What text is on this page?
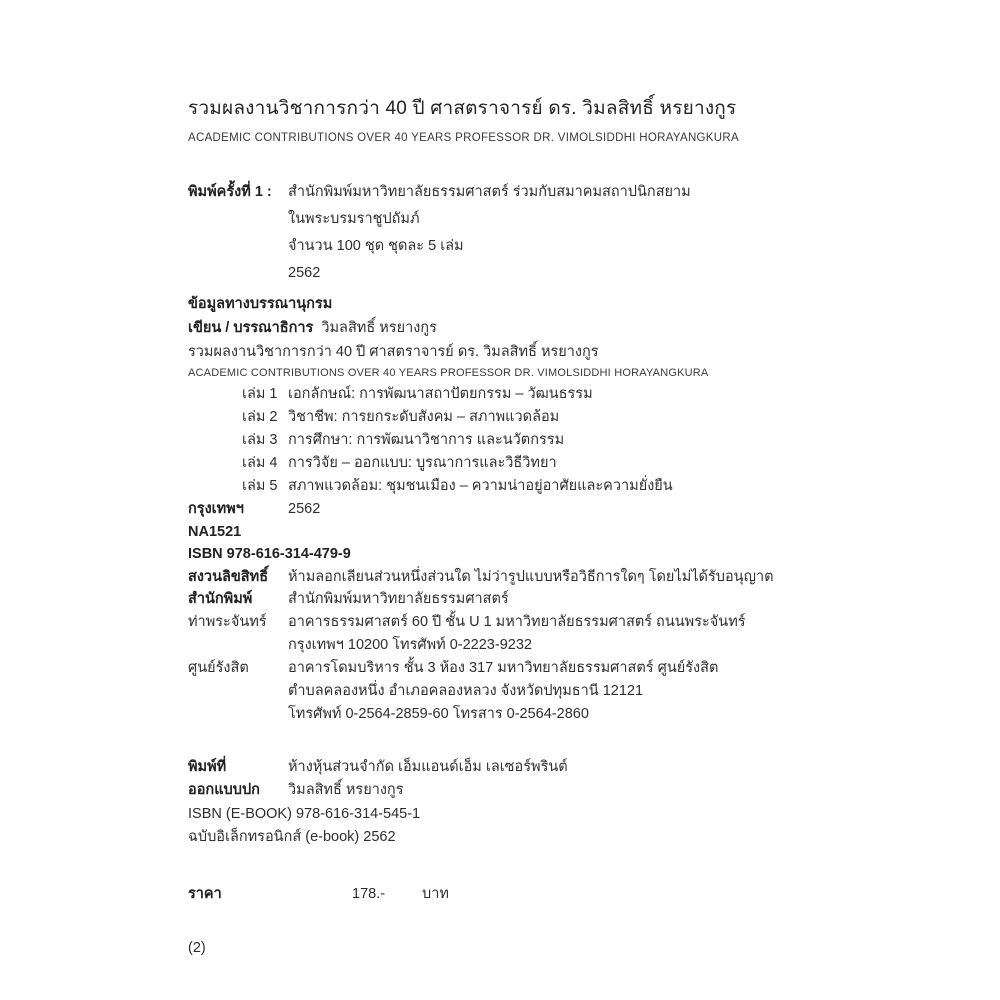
รวมผลงานวิชาการกว่า 40 ปี ศาสตราจารย์ ดร. วิมลสิทธิ์ หรยางกูร
ACADEMIC CONTRIBUTIONS OVER 40 YEARS PROFESSOR DR. VIMOLSIDDHI HORAYANGKURA
พิมพ์ครั้งที่ 1 :	สำนักพิมพ์มหาวิทยาลัยธรรมศาสตร์ ร่วมกับสมาคมสถาปนิกสยาม
ในพระบรมราชูปถัมภ์
จำนวน 100 ชุด ชุดละ 5 เล่ม
2562
ข้อมูลทางบรรณานุกรม
เขียน / บรรณาธิการ วิมลสิทธิ์ หรยางกูร
รวมผลงานวิชาการกว่า 40 ปี ศาสตราจารย์ ดร. วิมลสิทธิ์ หรยางกูร
ACADEMIC CONTRIBUTIONS OVER 40 YEARS PROFESSOR DR. VIMOLSIDDHI HORAYANGKURA
เล่ม 1 เอกลักษณ์: การพัฒนาสถาปัตยกรรม – วัฒนธรรม
เล่ม 2 วิชาชีพ: การยกระดับสังคม – สภาพแวดล้อม
เล่ม 3 การศึกษา: การพัฒนาวิชาการ และนวัตกรรม
เล่ม 4 การวิจัย – ออกแบบ: บูรณาการและวิธีวิทยา
เล่ม 5 สภาพแวดล้อม: ชุมชนเมือง – ความน่าอยู่อาศัยและความยั่งยืน
กรุงเทพฯ	2562
NA1521
ISBN 978-616-314-479-9
สงวนลิขสิทธิ์	ห้ามลอกเลียนส่วนหนึ่งส่วนใด ไม่ว่ารูปแบบหรือวิธีการใดๆ โดยไม่ได้รับอนุญาต
สำนักพิมพ์	สำนักพิมพ์มหาวิทยาลัยธรรมศาสตร์
ท่าพระจันทร์	อาคารธรรมศาสตร์ 60 ปี ชั้น U 1 มหาวิทยาลัยธรรมศาสตร์ ถนนพระจันทร์
กรุงเทพฯ 10200 โทรศัพท์ 0-2223-9232
ศูนย์รังสิต	อาคารโดมบริหาร ชั้น 3 ห้อง 317 มหาวิทยาลัยธรรมศาสตร์ ศูนย์รังสิต
ตำบลคลองหนึ่ง อำเภอคลองหลวง จังหวัดปทุมธานี 12121
โทรศัพท์ 0-2564-2859-60 โทรสาร 0-2564-2860
พิมพ์ที่	ห้างหุ้นส่วนจำกัด เอ็มแอนด์เอ็ม เลเซอร์พรินต์
ออกแบบปก	วิมลสิทธิ์ หรยางกูร
ISBN (E-BOOK) 978-616-314-545-1
ฉบับอิเล็กทรอนิกส์ (e-book) 2562
ราคา	178.-	บาท
(2)
